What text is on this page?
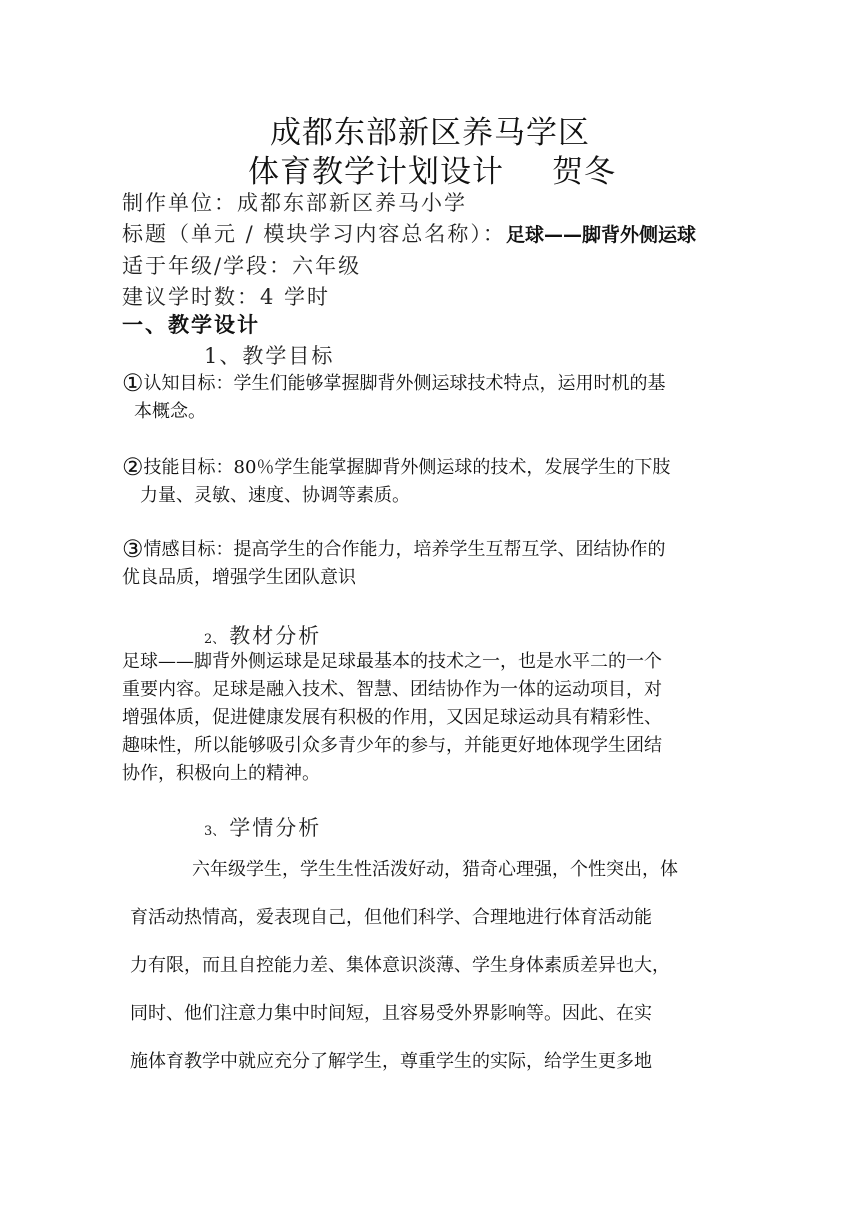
成都东部新区养马学区
体育教学计划设计 贺冬
制作单位：成都东部新区养马小学
标题（单元 / 模块学习内容总名称）：足球——脚背外侧运球
适于年级/学段：六年级
建议学时数：4 学时
一、教学设计
1、教学目标

①认知目标：学生们能够掌握脚背外侧运球技术特点，运用时机的基

本概念。

②技能目标：80％学生能掌握脚背外侧运球的技术，发展学生的下肢

力量、灵敏、速度、协调等素质。

③情感目标：提高学生的合作能力，培养学生互帮互学、团结协作的

优良品质，增强学生团队意识

2、 教材分析

足球——脚背外侧运球是足球最基本的技术之一，也是水平二的一个

重要内容。足球是融入技术、智慧、团结协作为一体的运动项目，对

增强体质，促进健康发展有积极的作用，又因足球运动具有精彩性、

趣味性，所以能够吸引众多青少年的参与，并能更好地体现学生团结

协作，积极向上的精神。

3、 学情分析

六年级学生，学生生性活泼好动，猎奇心理强，个性突出，体

育活动热情高，爱表现自己，但他们科学、合理地进行体育活动能

力有限，而且自控能力差、集体意识淡薄、学生身体素质差异也大，

同时、他们注意力集中时间短，且容易受外界影响等。因此、在实

施体育教学中就应充分了解学生，尊重学生的实际，给学生更多地
